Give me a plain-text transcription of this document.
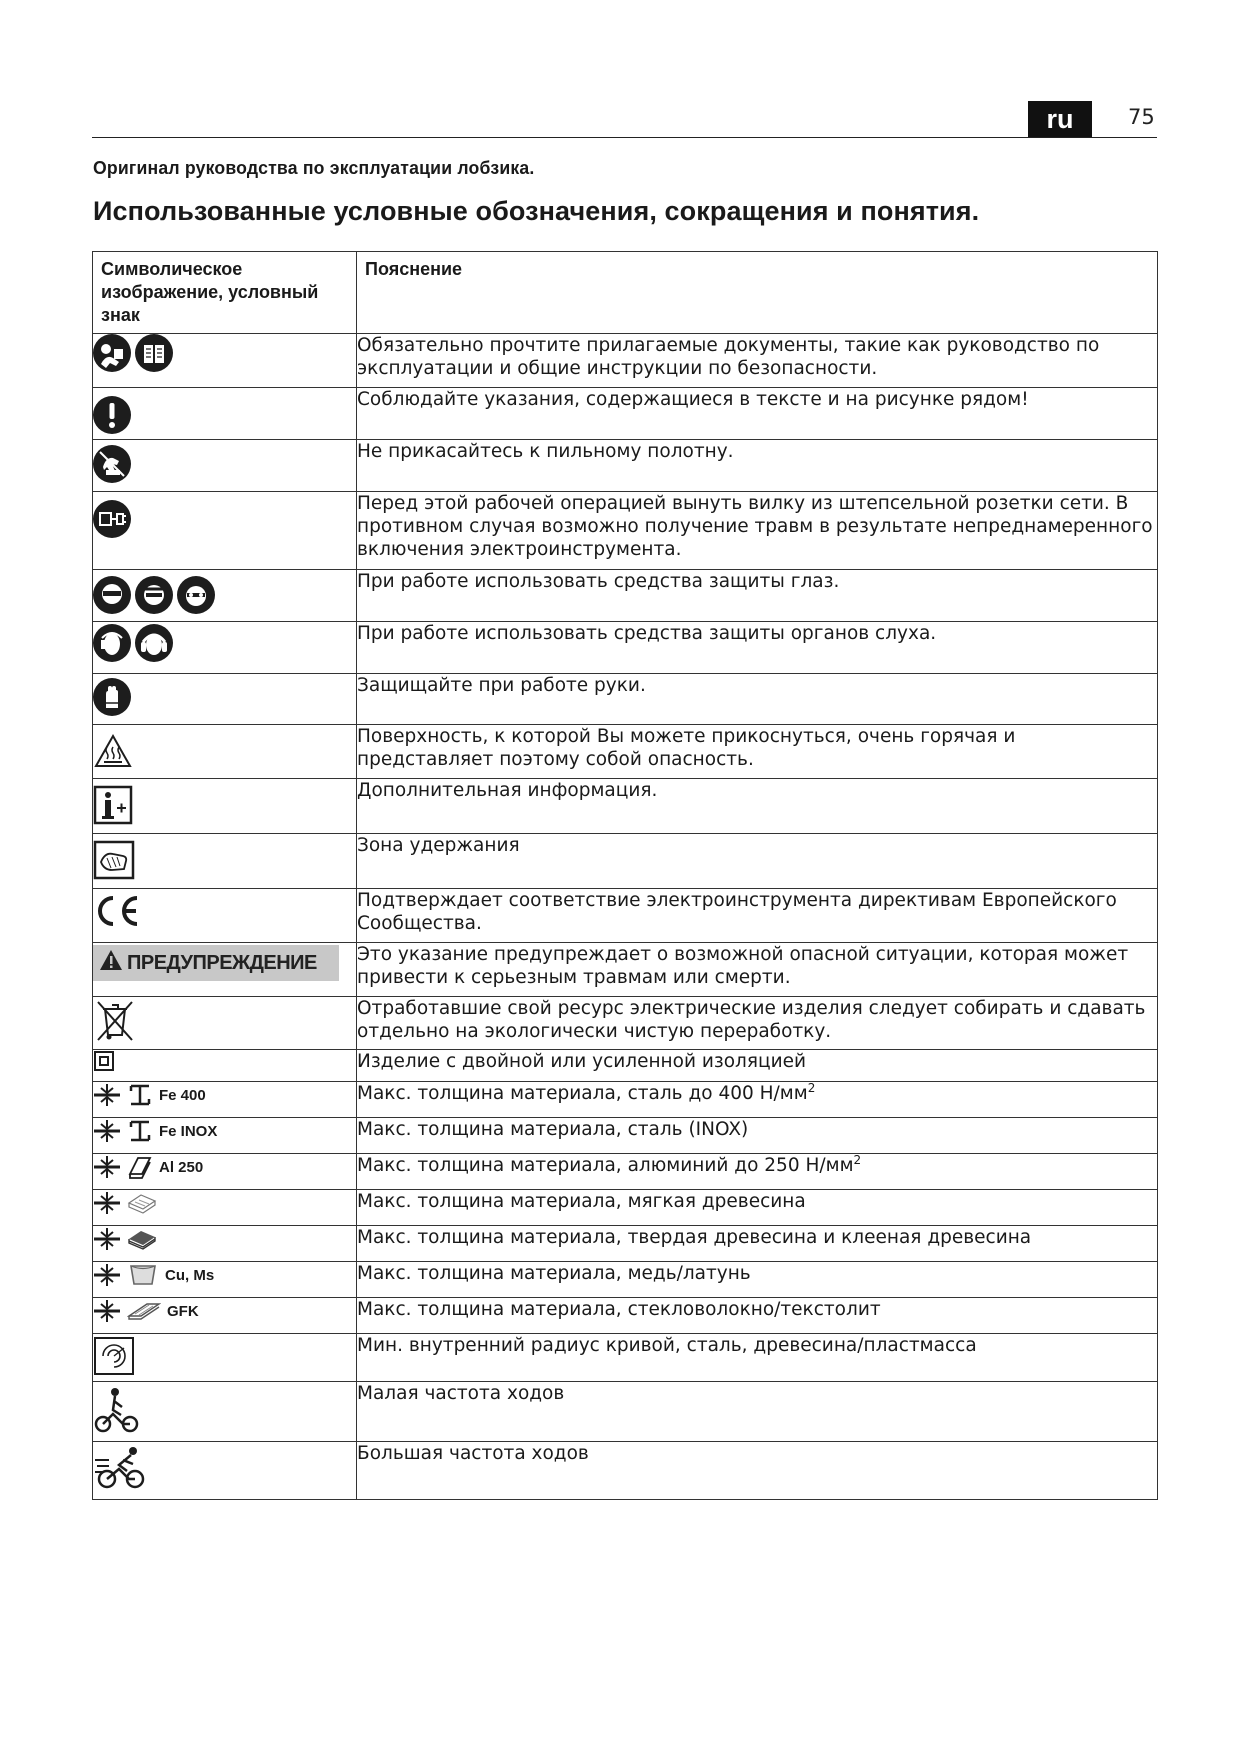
ru	75
Оригинал руководства по эксплуатации лобзика.
Использованные условные обозначения, сокращения и понятия.
Символическое изображение, условный знак	Пояснение

	Обязательно прочтите прилагаемые документы, такие как руководство по эксплуатации и общие инструкции по безопасности.

	Соблюдайте указания, содержащиеся в тексте и на рисунке рядом!

	Не прикасайтесь к пильному полотну.

	Перед этой рабочей операцией вынуть вилку из штепсельной розетки сети. В противном случая возможно получение травм в результате непреднамеренного включения электроинструмента.

	При работе использовать средства защиты глаз.

	При работе использовать средства защиты органов слуха.

	Защищайте при работе руки.
	Поверхность, к которой Вы можете прикоснуться, очень горячая и представляет поэтому собой опасность.
	Дополнительная информация.
	Зона удержания
	Подтверждает соответствие электроинструмента директивам Европейского Сообщества.

ПРЕДУПРЕЖДЕНИЕ	Это указание предупреждает о возможной опасной ситуации, которая может привести к серьезным травмам или смерти.
	Отработавшие свой ресурс электрические изделия следует собирать и сдавать отдельно на экологически чистую переработку.
	Изделие с двойной или усиленной изоляцией

Fe 400	Макс. толщина материала, сталь до 400 $Н/мм^2$

Fe INOX	Макс. толщина материала, сталь (INOX)

Al 250	Макс. толщина материала, алюминий до 250 $Н/мм^2$

	Макс. толщина материала, мягкая древесина

	Макс. толщина материала, твердая древесина и клееная древесина

Cu, Ms	Макс. толщина материала, медь/латунь

GFK	Макс. толщина материала, стекловолокно/текстолит
	Мин. внутренний радиус кривой, сталь, древесина/пластмасса
	Малая частота ходов
	Большая частота ходов
